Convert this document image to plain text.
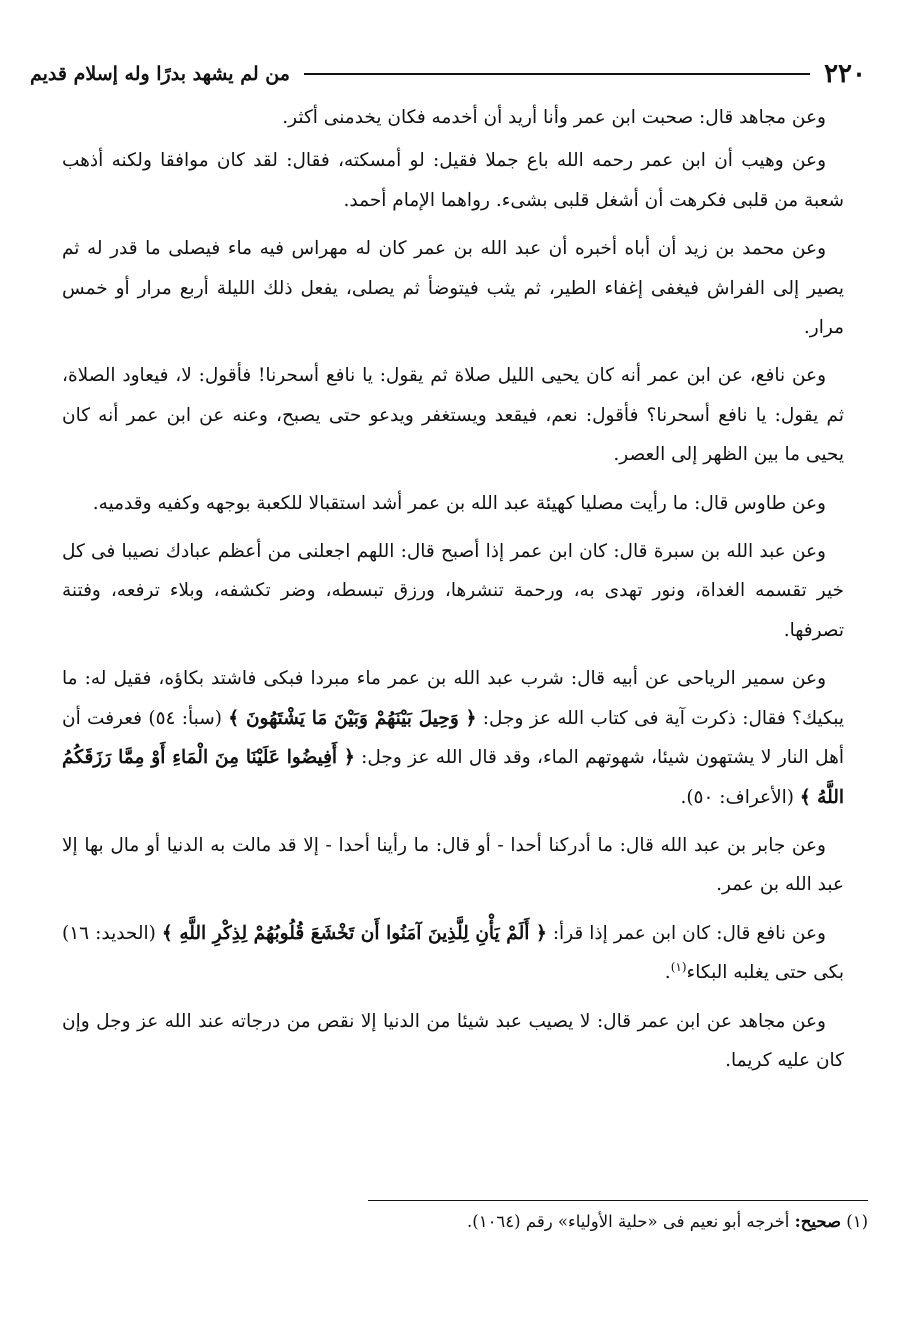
٢٢٠
من لم يشهد بدرًا وله إسلام قديم

وعن مجاهد قال: صحبت ابن عمر وأنا أريد أن أخدمه فكان يخدمنى أكثر.

وعن وهيب أن ابن عمر رحمه الله باع جملا فقيل: لو أمسكته، فقال: لقد كان موافقا ولكنه أذهب شعبة من قلبى فكرهت أن أشغل قلبى بشىء. رواهما الإمام أحمد.

وعن محمد بن زيد أن أباه أخبره أن عبد الله بن عمر كان له مهراس فيه ماء فيصلى ما قدر له ثم يصير إلى الفراش فيغفى إغفاء الطير، ثم يثب فيتوضأ ثم يصلى، يفعل ذلك الليلة أربع مرار أو خمس مرار.

وعن نافع، عن ابن عمر أنه كان يحيى الليل صلاة ثم يقول: يا نافع أسحرنا! فأقول: لا، فيعاود الصلاة، ثم يقول: يا نافع أسحرنا؟ فأقول: نعم، فيقعد ويستغفر ويدعو حتى يصبح، وعنه عن ابن عمر أنه كان يحيى ما بين الظهر إلى العصر.

وعن طاوس قال: ما رأيت مصليا كهيئة عبد الله بن عمر أشد استقبالا للكعبة بوجهه وكفيه وقدميه.

وعن عبد الله بن سبرة قال: كان ابن عمر إذا أصبح قال: اللهم اجعلنى من أعظم عبادك نصيبا فى كل خير تقسمه الغداة، ونور تهدى به، ورحمة تنشرها، ورزق تبسطه، وضر تكشفه، وبلاء ترفعه، وفتنة تصرفها.

وعن سمير الرياحى عن أبيه قال: شرب عبد الله بن عمر ماء مبردا فبكى فاشتد بكاؤه، فقيل له: ما يبكيك؟ فقال: ذكرت آية فى كتاب الله عز وجل: ﴿ وَحِيلَ بَيْنَهُمْ وَبَيْنَ مَا يَشْتَهُونَ ﴾ (سبأ: ٥٤) فعرفت أن أهل النار لا يشتهون شيئا، شهوتهم الماء، وقد قال الله عز وجل: ﴿ أَفِيضُوا عَلَيْنَا مِنَ الْمَاءِ أَوْ مِمَّا رَزَقَكُمُ اللَّهُ ﴾ (الأعراف: ٥٠).

وعن جابر بن عبد الله قال: ما أدركنا أحدا - أو قال: ما رأينا أحدا - إلا قد مالت به الدنيا أو مال بها إلا عبد الله بن عمر.

وعن نافع قال: كان ابن عمر إذا قرأ: ﴿ أَلَمْ يَأْنِ لِلَّذِينَ آمَنُوا أَن تَخْشَعَ قُلُوبُهُمْ لِذِكْرِ اللَّهِ ﴾ (الحديد: ١٦) بكى حتى يغلبه البكاء$^{(١)}$.

وعن مجاهد عن ابن عمر قال: لا يصيب عبد شيئا من الدنيا إلا نقص من درجاته عند الله عز وجل وإن كان عليه كريما.

(١) صحيح: أخرجه أبو نعيم فى «حلية الأولياء» رقم (١٠٦٤).
